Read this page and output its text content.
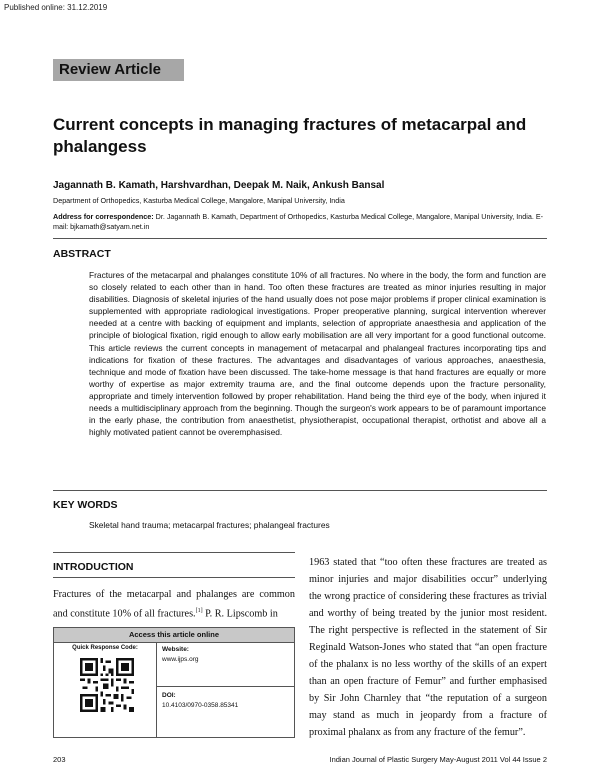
Published online: 31.12.2019
Review Article
Current concepts in managing fractures of metacarpal and phalangess
Jagannath B. Kamath, Harshvardhan, Deepak M. Naik, Ankush Bansal
Department of Orthopedics, Kasturba Medical College, Mangalore, Manipal University, India
Address for correspondence: Dr. Jagannath B. Kamath, Department of Orthopedics, Kasturba Medical College, Mangalore, Manipal University, India. E-mail: bjkamath@satyam.net.in
ABSTRACT
Fractures of the metacarpal and phalanges constitute 10% of all fractures. No where in the body, the form and function are so closely related to each other than in hand. Too often these fractures are treated as minor injuries resulting in major disabilities. Diagnosis of skeletal injuries of the hand usually does not pose major problems if proper clinical examination is supplemented with appropriate radiological investigations. Proper preoperative planning, surgical intervention wherever needed at a centre with backing of equipment and implants, selection of appropriate anaesthesia and application of the principle of biological fixation, rigid enough to allow early mobilisation are all very important for a good functional outcome. This article reviews the current concepts in management of metacarpal and phalangeal fractures incorporating tips and indications for fixation of these fractures. The advantages and disadvantages of various approaches, anaesthesia, technique and mode of fixation have been discussed. The take-home message is that hand fractures are equally or more worthy of expertise as major extremity trauma are, and the final outcome depends upon the fracture personality, appropriate and timely intervention followed by proper rehabilitation. Hand being the third eye of the body, when injured it needs a multidisciplinary approach from the beginning. Though the surgeon's work appears to be of paramount importance in the early phase, the contribution from anaesthetist, physiotherapist, occupational therapist, orthotist and above all a highly motivated patient cannot be overemphasised.
KEY WORDS
Skeletal hand trauma; metacarpal fractures; phalangeal fractures
INTRODUCTION
Fractures of the metacarpal and phalanges are common and constitute 10% of all fractures.[1] P. R. Lipscomb in
1963 stated that “too often these fractures are treated as minor injuries and major disabilities occur” underlying the wrong practice of considering these fractures as trivial and worthy of being treated by the junior most resident. The right perspective is reflected in the statement of Sir Reginald Watson-Jones who stated that “an open fracture of the phalanx is no less worthy of the skills of an expert than an open fracture of Femur” and further emphasised by Sir John Charnley that “the reputation of a surgeon may stand as much in jeopardy from a fracture of proximal phalanx as from any fracture of the femur”.
Access this article online
Quick Response Code:	Website:
www.ijps.org
DOI:
10.4103/0970-0358.85341
203	Indian Journal of Plastic Surgery May-August 2011 Vol 44 Issue 2
